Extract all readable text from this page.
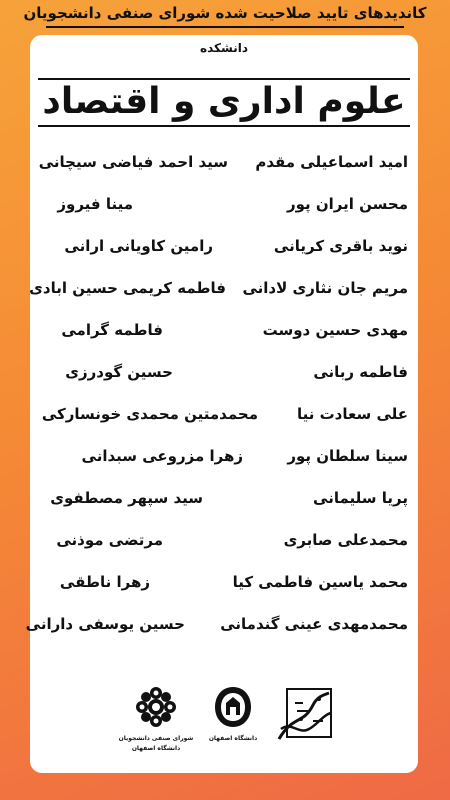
کاندیدهای تایید صلاحیت شده شورای صنفی دانشجویان
دانشکده
علوم اداری و اقتصاد
امید اسماعیلی مقدم
سید احمد فیاضی سیچانی
محسن ایران پور
مینا فیروز
نوید باقری کریانی
رامین کاویانی ارانی
مریم جان نثاری لادانی
فاطمه کریمی حسین ابادی
مهدی حسین دوست
فاطمه گرامی
فاطمه ربانی
حسین گودرزی
علی سعادت نیا
محمدمتین محمدی خونسارکی
سینا سلطان پور
زهرا مزروعی سبدانی
پریا سلیمانی
سید سپهر مصطفوی
محمدعلی صابری
مرتضی موذنی
محمد یاسین فاطمی کیا
زهرا ناطقی
محمدمهدی عینی گندمانی
حسین یوسفی دارانی
شورای صنفی دانشجویان
دانشگاه اصفهان
دانشگاه اصفهان
